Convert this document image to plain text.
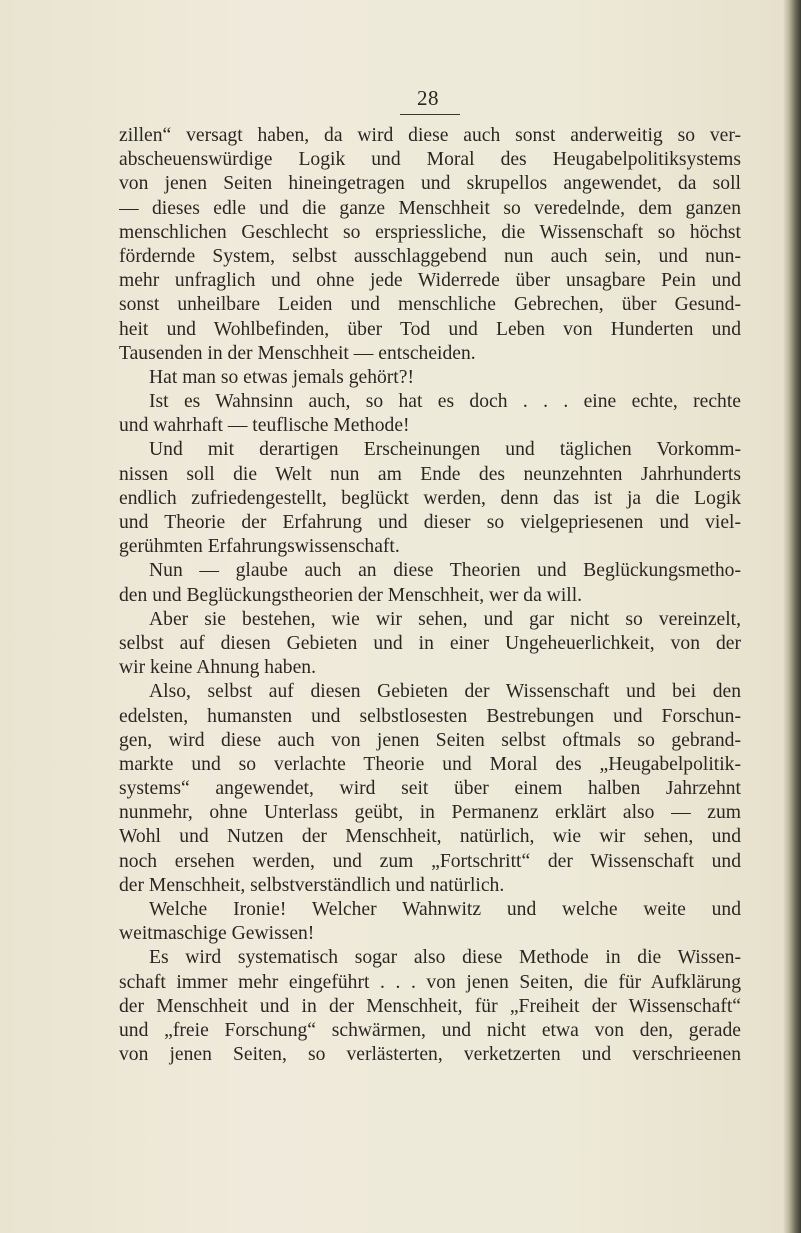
28
zillen“ versagt haben, da wird diese auch sonst anderweitig so ver-
abscheuenswürdige Logik und Moral des Heugabelpolitiksystems
von jenen Seiten hineingetragen und skrupellos angewendet, da soll
— dieses edle und die ganze Menschheit so veredelnde, dem ganzen
menschlichen Geschlecht so erspriessliche, die Wissenschaft so höchst
fördernde System, selbst ausschlaggebend nun auch sein, und nun-
mehr unfraglich und ohne jede Widerrede über unsagbare Pein und
sonst unheilbare Leiden und menschliche Gebrechen, über Gesund-
heit und Wohlbefinden, über Tod und Leben von Hunderten und
Tausenden in der Menschheit — entscheiden.
Hat man so etwas jemals gehört?!
Ist es Wahnsinn auch, so hat es doch . . . eine echte, rechte
und wahrhaft — teuflische Methode!
Und mit derartigen Erscheinungen und täglichen Vorkomm-
nissen soll die Welt nun am Ende des neunzehnten Jahrhunderts
endlich zufriedengestellt, beglückt werden, denn das ist ja die Logik
und Theorie der Erfahrung und dieser so vielgepriesenen und viel-
gerühmten Erfahrungswissenschaft.
Nun — glaube auch an diese Theorien und Beglückungsmetho-
den und Beglückungstheorien der Menschheit, wer da will.
Aber sie bestehen, wie wir sehen, und gar nicht so vereinzelt,
selbst auf diesen Gebieten und in einer Ungeheuerlichkeit, von der
wir keine Ahnung haben.
Also, selbst auf diesen Gebieten der Wissenschaft und bei den
edelsten, humansten und selbstlosesten Bestrebungen und Forschun-
gen, wird diese auch von jenen Seiten selbst oftmals so gebrand-
markte und so verlachte Theorie und Moral des „Heugabelpolitik-
systems“ angewendet, wird seit über einem halben Jahrzehnt
nunmehr, ohne Unterlass geübt, in Permanenz erklärt also — zum
Wohl und Nutzen der Menschheit, natürlich, wie wir sehen, und
noch ersehen werden, und zum „Fortschritt“ der Wissenschaft und
der Menschheit, selbstverständlich und natürlich.
Welche Ironie! Welcher Wahnwitz und welche weite und
weitmaschige Gewissen!
Es wird systematisch sogar also diese Methode in die Wissen-
schaft immer mehr eingeführt . . . von jenen Seiten, die für Aufklärung
der Menschheit und in der Menschheit, für „Freiheit der Wissenschaft“
und „freie Forschung“ schwärmen, und nicht etwa von den, gerade
von jenen Seiten, so verlästerten, verketzerten und verschrieenen
